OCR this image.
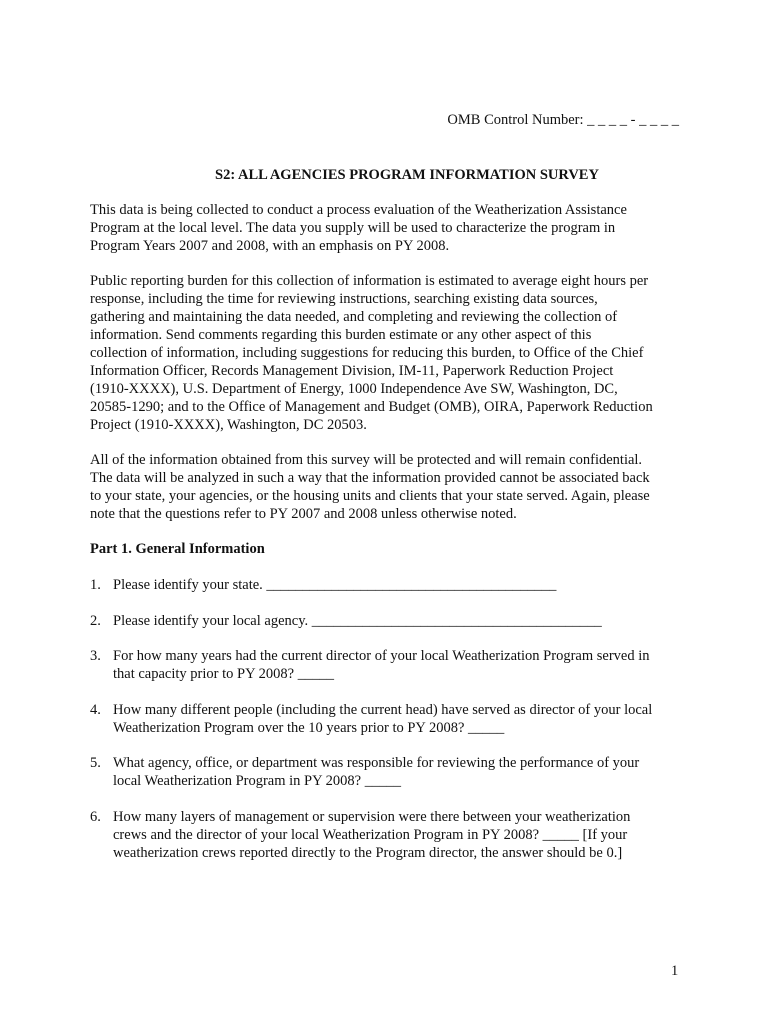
OMB Control Number: _ _ _ _ - _ _ _ _
S2: ALL AGENCIES PROGRAM INFORMATION SURVEY
This data is being collected to conduct a process evaluation of the Weatherization Assistance
Program at the local level. The data you supply will be used to characterize the program in
Program Years 2007 and 2008, with an emphasis on PY 2008.
Public reporting burden for this collection of information is estimated to average eight hours per
response, including the time for reviewing instructions, searching existing data sources,
gathering and maintaining the data needed, and completing and reviewing the collection of
information. Send comments regarding this burden estimate or any other aspect of this
collection of information, including suggestions for reducing this burden, to Office of the Chief
Information Officer, Records Management Division, IM-11, Paperwork Reduction Project
(1910-XXXX), U.S. Department of Energy, 1000 Independence Ave SW, Washington, DC,
20585-1290; and to the Office of Management and Budget (OMB), OIRA, Paperwork Reduction
Project (1910-XXXX), Washington, DC 20503.
All of the information obtained from this survey will be protected and will remain confidential.
The data will be analyzed in such a way that the information provided cannot be associated back
to your state, your agencies, or the housing units and clients that your state served. Again, please
note that the questions refer to PY 2007 and 2008 unless otherwise noted.
Part 1. General Information
1. Please identify your state. ________________________________________
2. Please identify your local agency. ________________________________________
3. For how many years had the current director of your local Weatherization Program served in
that capacity prior to PY 2008? _____
4. How many different people (including the current head) have served as director of your local
Weatherization Program over the 10 years prior to PY 2008? _____
5. What agency, office, or department was responsible for reviewing the performance of your
local Weatherization Program in PY 2008? _____
6. How many layers of management or supervision were there between your weatherization
crews and the director of your local Weatherization Program in PY 2008? _____ [If your
weatherization crews reported directly to the Program director, the answer should be 0.]
1
